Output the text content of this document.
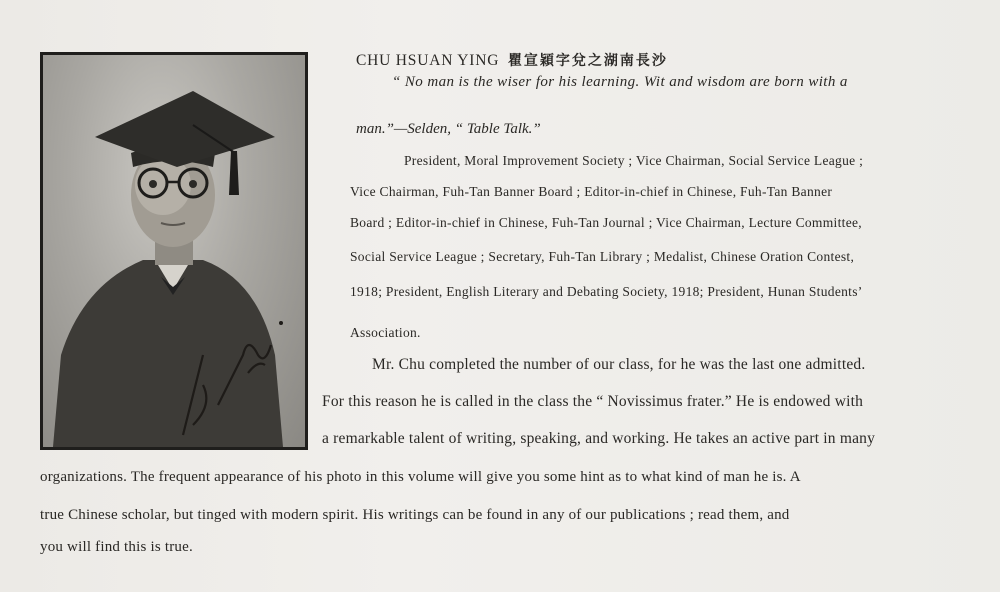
CHU HSUAN YING 瞿宣穎字兌之湖南長沙
“ No man is the wiser for his learning. Wit and wisdom are born with a
man.”—Selden, “ Table Talk.”
President, Moral Improvement Society ; Vice Chairman, Social Service League ;
Vice Chairman, Fuh-Tan Banner Board ; Editor-in-chief in Chinese, Fuh-Tan Banner
Board ; Editor-in-chief in Chinese, Fuh-Tan Journal ; Vice Chairman, Lecture Committee,
Social Service League ; Secretary, Fuh-Tan Library ; Medalist, Chinese Oration Contest,
1918; President, English Literary and Debating Society, 1918; President, Hunan Students’
Association.
Mr. Chu completed the number of our class, for he was the last one admitted.
For this reason he is called in the class the “ Novissimus frater.” He is endowed with
a remarkable talent of writing, speaking, and working. He takes an active part in many
organizations. The frequent appearance of his photo in this volume will give you some hint as to what kind of man he is. A
true Chinese scholar, but tinged with modern spirit. His writings can be found in any of our publications ; read them, and
you will find this is true.
